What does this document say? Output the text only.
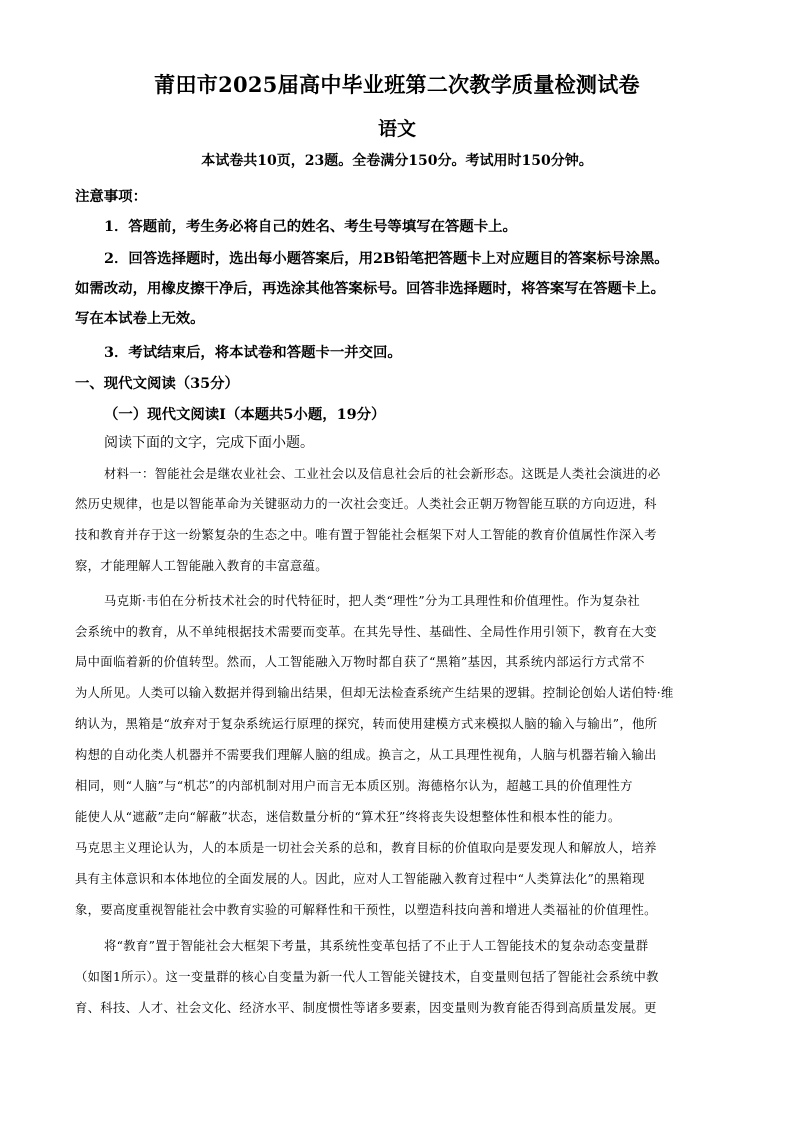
莆田市2025届高中毕业班第二次教学质量检测试卷
语文
本试卷共10页，23题。全卷满分150分。考试用时150分钟。
注意事项：
1．答题前，考生务必将自己的姓名、考生号等填写在答题卡上。
2．回答选择题时，选出每小题答案后，用2B铅笔把答题卡上对应题目的答案标号涂黑。
如需改动，用橡皮擦干净后，再选涂其他答案标号。回答非选择题时，将答案写在答题卡上。
写在本试卷上无效。
3．考试结束后，将本试卷和答题卡一并交回。
一、现代文阅读（35分）
（一）现代文阅读Ⅰ（本题共5小题，19分）
阅读下面的文字，完成下面小题。
材料一：智能社会是继农业社会、工业社会以及信息社会后的社会新形态。这既是人类社会演进的必
然历史规律，也是以智能革命为关键驱动力的一次社会变迁。人类社会正朝万物智能互联的方向迈进，科
技和教育并存于这一纷繁复杂的生态之中。唯有置于智能社会框架下对人工智能的教育价值属性作深入考
察，才能理解人工智能融入教育的丰富意蕴。
马克斯·韦伯在分析技术社会的时代特征时，把人类“理性”分为工具理性和价值理性。作为复杂社
会系统中的教育，从不单纯根据技术需要而变革。在其先导性、基础性、全局性作用引领下，教育在大变
局中面临着新的价值转型。然而，人工智能融入万物时都自获了“黑箱”基因，其系统内部运行方式常不
为人所见。人类可以输入数据并得到输出结果，但却无法检查系统产生结果的逻辑。控制论创始人诺伯特·维
纳认为，黑箱是“放弃对于复杂系统运行原理的探究，转而使用建模方式来模拟人脑的输入与输出”，他所
构想的自动化类人机器并不需要我们理解人脑的组成。换言之，从工具理性视角，人脑与机器若输入输出
相同，则“人脑”与“机芯”的内部机制对用户而言无本质区别。海德格尔认为，超越工具的价值理性方
能使人从“遮蔽”走向“解蔽”状态，迷信数量分析的“算术狂”终将丧失设想整体性和根本性的能力。
马克思主义理论认为，人的本质是一切社会关系的总和，教育目标的价值取向是要发现人和解放人，培养
具有主体意识和本体地位的全面发展的人。因此，应对人工智能融入教育过程中“人类算法化”的黑箱现
象，要高度重视智能社会中教育实验的可解释性和干预性，以塑造科技向善和增进人类福祉的价值理性。
将“教育”置于智能社会大框架下考量，其系统性变革包括了不止于人工智能技术的复杂动态变量群
（如图1所示）。这一变量群的核心自变量为新一代人工智能关键技术，自变量则包括了智能社会系统中教
育、科技、人才、社会文化、经济水平、制度惯性等诸多要素，因变量则为教育能否得到高质量发展。更
